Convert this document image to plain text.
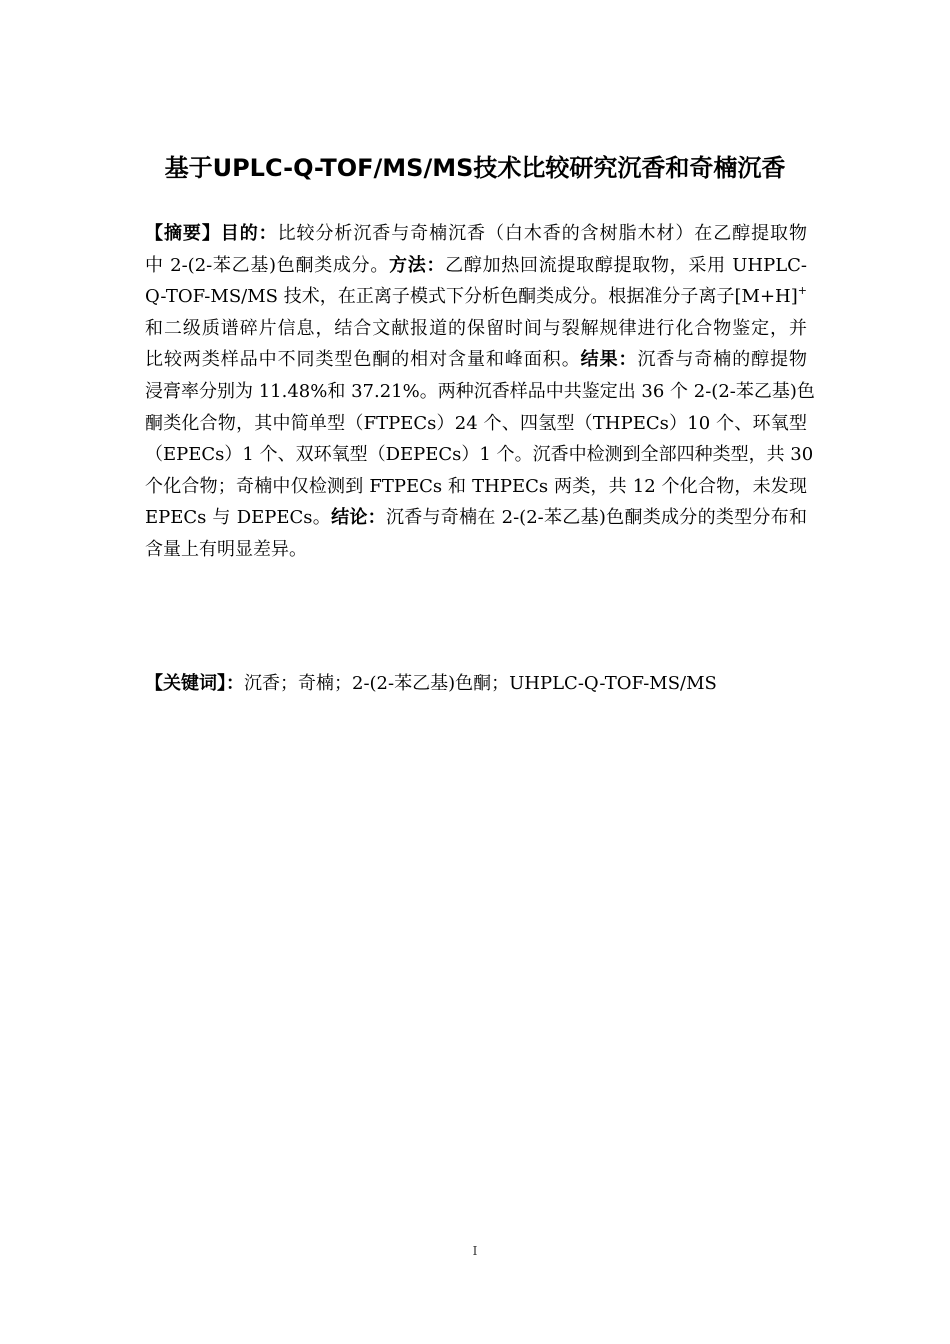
基于UPLC-Q-TOF/MS/MS技术比较研究沉香和奇楠沉香
【摘要】目的：比较分析沉香与奇楠沉香（白木香的含树脂木材）在乙醇提取物
中 2-(2-苯乙基)色酮类成分。方法：乙醇加热回流提取醇提取物，采用 UHPLC-
Q-TOF-MS/MS 技术，在正离子模式下分析色酮类成分。根据准分子离子[M+H]+
和二级质谱碎片信息，结合文献报道的保留时间与裂解规律进行化合物鉴定，并
比较两类样品中不同类型色酮的相对含量和峰面积。结果：沉香与奇楠的醇提物
浸膏率分别为 11.48%和 37.21%。两种沉香样品中共鉴定出 36 个 2-(2-苯乙基)色
酮类化合物，其中简单型（FTPECs）24 个、四氢型（THPECs）10 个、环氧型
（EPECs）1 个、双环氧型（DEPECs）1 个。沉香中检测到全部四种类型，共 30
个化合物；奇楠中仅检测到 FTPECs 和 THPECs 两类，共 12 个化合物，未发现
EPECs 与 DEPECs。结论：沉香与奇楠在 2-(2-苯乙基)色酮类成分的类型分布和
含量上有明显差异。
【关键词】：沉香；奇楠；2-(2-苯乙基)色酮；UHPLC-Q-TOF-MS/MS
I
